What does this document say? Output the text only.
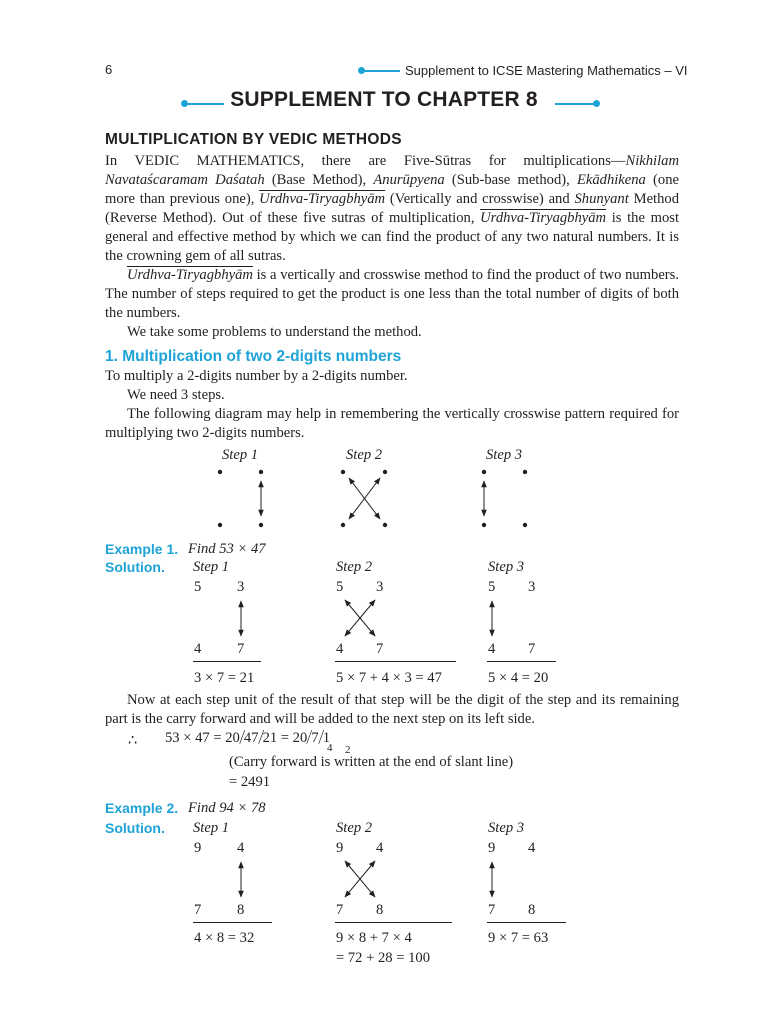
6	Supplement to ICSE Mastering Mathematics – VI
SUPPLEMENT TO CHAPTER 8
MULTIPLICATION BY VEDIC METHODS

In VEDIC MATHEMATICS, there are Five-Sūtras for multiplications—Nikhilam Navataścaramam Daśatah (Base Method), Anurūpyena (Sub-base method), Ekādhikena (one more than previous one), Urdhva-Tiryagbhyām (Vertically and crosswise) and Shunyant Method (Reverse Method). Out of these five sutras of multiplication, Urdhva-Tiryagbhyām is the most general and effective method by which we can find the product of any two natural numbers. It is the crowning gem of all sutras.

Urdhva-Tiryagbhyām is a vertically and crosswise method to find the product of two numbers. The number of steps required to get the product is one less than the total number of digits of both the numbers.

We take some problems to understand the method.

1. Multiplication of two 2-digits numbers

To multiply a 2-digits number by a 2-digits number.

We need 3 steps.

The following diagram may help in remembering the vertically crosswise pattern required for multiplying two 2-digits numbers.

Step 1	Step 2	Step 3
Example 1. Find 53 × 47
Solution. Step 1	Step 2	Step 3
5 3	5 3	5 3
4 7	4 7	4 7
3 × 7 = 21	5 × 7 + 4 × 3 = 47	5 × 4 = 20

Now at each step unit of the result of that step will be the digit of the step and its remaining part is the carry forward and will be added to the next step on its left side.

∴ 53 × 47 = 20/47/21 = 20/7/1
4 2
(Carry forward is written at the end of slant line)
= 2491
Example 2. Find 94 × 78
Solution. Step 1	Step 2	Step 3
9 4	9 4	9 4
7 8	7 8	7 8
4 × 8 = 32	9 × 8 + 7 × 4	9 × 7 = 63
= 72 + 28 = 100
